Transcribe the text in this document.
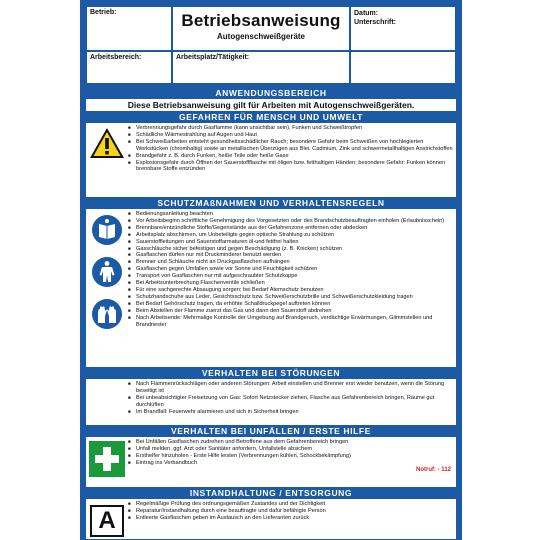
Betrieb:	Betriebsanweisung
Autogenschweißgeräte
Datum:
Unterschrift:
Arbeitsbereich:	Arbeitsplatz/Tätigkeit:
ANWENDUNGSBEREICH
Diese Betriebsanweisung gilt für Arbeiten mit Autogenschweißgeräten.
GEFAHREN FÜR MENSCH UND UMWELT
■ Verbrennungsgefahr durch Gasflamme (kann unsichtbar sein), Funken und Schweißtropfen
■ Schädliche Wärmestrahlung auf Augen und Haut
■ Bei Schweißarbeiten entsteht gesundheitsschädlicher Rauch; besondere Gefahr beim Schweißen von hochlegierten Werkstücken (chromhaltig) sowie an metallischen Überzügen aus Blei, Cadmium, Zink und schwermetallhaltigen Anstrichstoffen
■ Brandgefahr z. B. durch Funken, heiße Teile oder heiße Gase
■ Explosionsgefahr durch Öffnen der Sauerstoffflasche mit öligen bzw. fetthaltigen Händen; besondere Gefahr: Funken können brennbare Stoffe entzünden
SCHUTZMAßNAHMEN UND VERHALTENSREGELN
■ Bedienungsanleitung beachten
■ Vor Arbeitsbeginn schriftliche Genehmigung des Vorgesetzten oder des Brandschutzbeauftragten einholen (Erlaubnisschein)
■ Brennbare/entzündliche Stoffe/Gegenstände aus der Gefahrenzone entfernen oder abdecken
■ Arbeitsplatz abschirmen, um Unbeteiligte gegen optische Strahlung zu schützen
■ Sauerstoffleitungen und Sauerstoffarmaturen öl-und fettfrei halten
■ Gasschläuche sicher befestigen und gegen Beschädigung (z. B. Knicken) schützen
■ Gasflaschen dürfen nur mit Druckminderer benutzt werden
■ Brenner und Schläuche nicht an Druckgasflaschen aufhängen
■ Gasflaschen gegen Umfallen sowie vor Sonne und Feuchtigkeit schützen
■ Transport von Gasflaschen nur mit aufgeschraubter Schutzkappe
■ Bei Arbeitsunterbrechung Flaschenventile schließen
■ Für eine sachgerechte Absaugung sorgen; bei Bedarf Atemschutz benutzen
■ Schutzhandschuhe aus Leder, Gesichtsschutz bzw. Schweißerschutzbrille und Schweißerschutzkleidung tragen
■ Bei Bedarf Gehörschutz tragen, da erhöhte Schalldruckpegel auftreten können
■ Beim Abstellen der Flamme zuerst das Gas und dann den Sauerstoff abdrehen
■ Nach Arbeitsende: Mehrmalige Kontrolle der Umgebung auf Brandgeruch, verdächtige Erwärmungen, Glimmstellen und Brandnester
VERHALTEN BEI STÖRUNGEN
■ Nach Flammenrückschlägen oder anderen Störungen: Arbeit einstellen und Brenner erst wieder benutzen, wenn die Störung beseitigt ist
■ Bei unbeabsichtigter Freisetzung von Gas: Sofort Netzstecker ziehen, Flasche aus Gefahrenbereich bringen, Räume gut durchlüften
■ Im Brandfall: Feuerwehr alarmieren und sich in Sicherheit bringen
VERHALTEN BEI UNFÄLLEN / ERSTE HILFE
■ Bei Unfällen Gasflaschen zudrehen und Betroffene aus dem Gefahrenbereich bringen
■ Unfall melden, ggf. Arzt oder Sanitäter anfordern, Unfallstelle absichern
■ Ersthelfer hinzuholen - Erste Hilfe leisten (Verbrennungen kühlen, Schockbekämpfung)
■ Eintrag ins Verbandbuch
Notruf: - 112
INSTANDHALTUNG / ENTSORGUNG
A
■ Regelmäßige Prüfung des ordnungsgemäßen Zustandes und der Dichtigkeit
■ Reparatur/Instandhaltung durch eine beauftragte und dafür befähigte Person
■ Entleerte Gasflaschen geben im Austausch an den Lieferanten zurück
Kroschke
